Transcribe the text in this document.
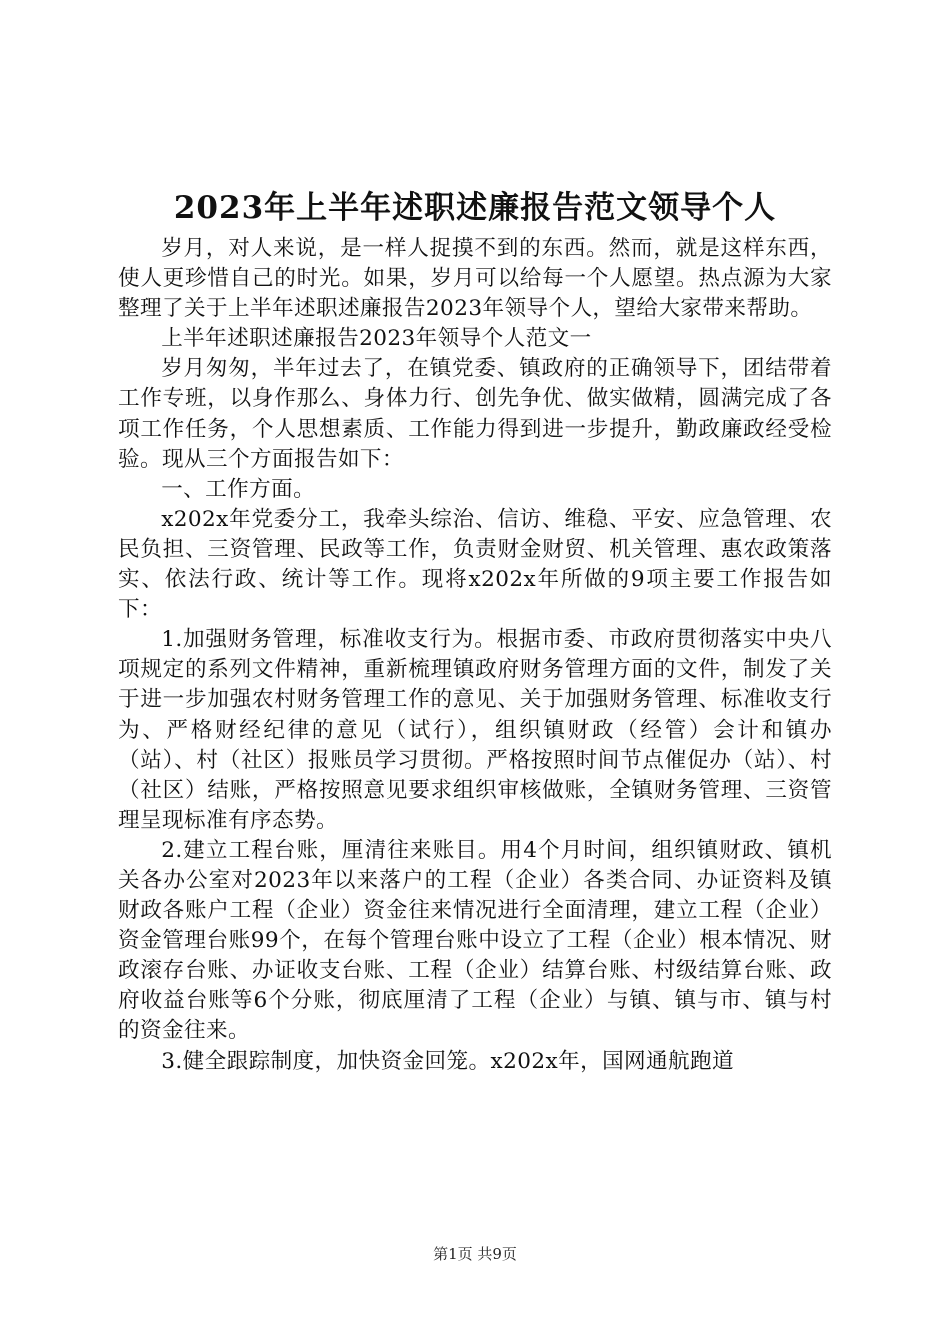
2023年上半年述职述廉报告范文领导个人

岁月，对人来说，是一样人捉摸不到的东西。然而，就是这样东西，使人更珍惜自己的时光。如果，岁月可以给每一个人愿望。热点源为大家整理了关于上半年述职述廉报告2023年领导个人，望给大家带来帮助。

上半年述职述廉报告2023年领导个人范文一

岁月匆匆，半年过去了，在镇党委、镇政府的正确领导下，团结带着工作专班，以身作那么、身体力行、创先争优、做实做精，圆满完成了各项工作任务，个人思想素质、工作能力得到进一步提升，勤政廉政经受检验。现从三个方面报告如下：

一、工作方面。

x202x年党委分工，我牵头综治、信访、维稳、平安、应急管理、农民负担、三资管理、民政等工作，负责财金财贸、机关管理、惠农政策落实、依法行政、统计等工作。现将x202x年所做的9项主要工作报告如下：

1.加强财务管理，标准收支行为。根据市委、市政府贯彻落实中央八项规定的系列文件精神，重新梳理镇政府财务管理方面的文件，制发了关于进一步加强农村财务管理工作的意见、关于加强财务管理、标准收支行为、严格财经纪律的意见（试行），组织镇财政（经管）会计和镇办（站）、村（社区）报账员学习贯彻。严格按照时间节点催促办（站）、村（社区）结账，严格按照意见要求组织审核做账，全镇财务管理、三资管理呈现标准有序态势。

2.建立工程台账，厘清往来账目。用4个月时间，组织镇财政、镇机关各办公室对2023年以来落户的工程（企业）各类合同、办证资料及镇财政各账户工程（企业）资金往来情况进行全面清理，建立工程（企业）资金管理台账99个，在每个管理台账中设立了工程（企业）根本情况、财政滚存台账、办证收支台账、工程（企业）结算台账、村级结算台账、政府收益台账等6个分账，彻底厘清了工程（企业）与镇、镇与市、镇与村的资金往来。

3.健全跟踪制度，加快资金回笼。x202x年，国网通航跑道

第1页 共9页
